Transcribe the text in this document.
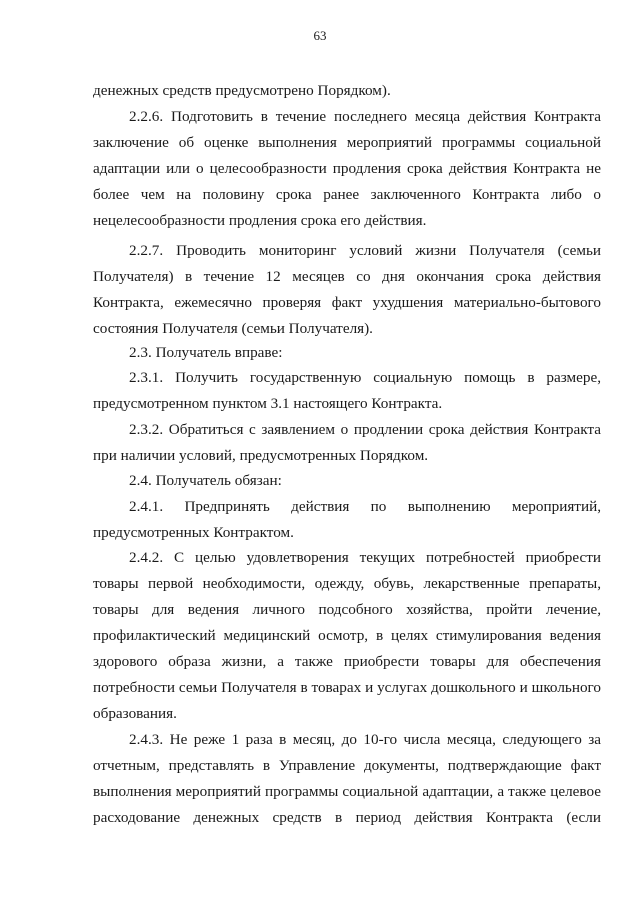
63

денежных средств предусмотрено Порядком).

2.2.6. Подготовить в течение последнего месяца действия Контракта заключение об оценке выполнения мероприятий программы социальной адаптации или о целесообразности продления срока действия Контракта не более чем на половину срока ранее заключенного Контракта либо о нецелесообразности продления срока его действия.

2.2.7. Проводить мониторинг условий жизни Получателя (семьи Получателя) в течение 12 месяцев со дня окончания срока действия Контракта, ежемесячно проверяя факт ухудшения материально-бытового состояния Получателя (семьи Получателя).

2.3. Получатель вправе:

2.3.1. Получить государственную социальную помощь в размере, предусмотренном пунктом 3.1 настоящего Контракта.

2.3.2. Обратиться с заявлением о продлении срока действия Контракта при наличии условий, предусмотренных Порядком.

2.4. Получатель обязан:

2.4.1. Предпринять действия по выполнению мероприятий, предусмотренных Контрактом.

2.4.2. С целью удовлетворения текущих потребностей приобрести товары первой необходимости, одежду, обувь, лекарственные препараты, товары для ведения личного подсобного хозяйства, пройти лечение, профилактический медицинский осмотр, в целях стимулирования ведения здорового образа жизни, а также приобрести товары для обеспечения потребности семьи Получателя в товарах и услугах дошкольного и школьного образования.

2.4.3. Не реже 1 раза в месяц, до 10-го числа месяца, следующего за отчетным, представлять в Управление документы, подтверждающие факт выполнения мероприятий программы социальной адаптации, а также целевое расходование денежных средств в период действия Контракта (если
